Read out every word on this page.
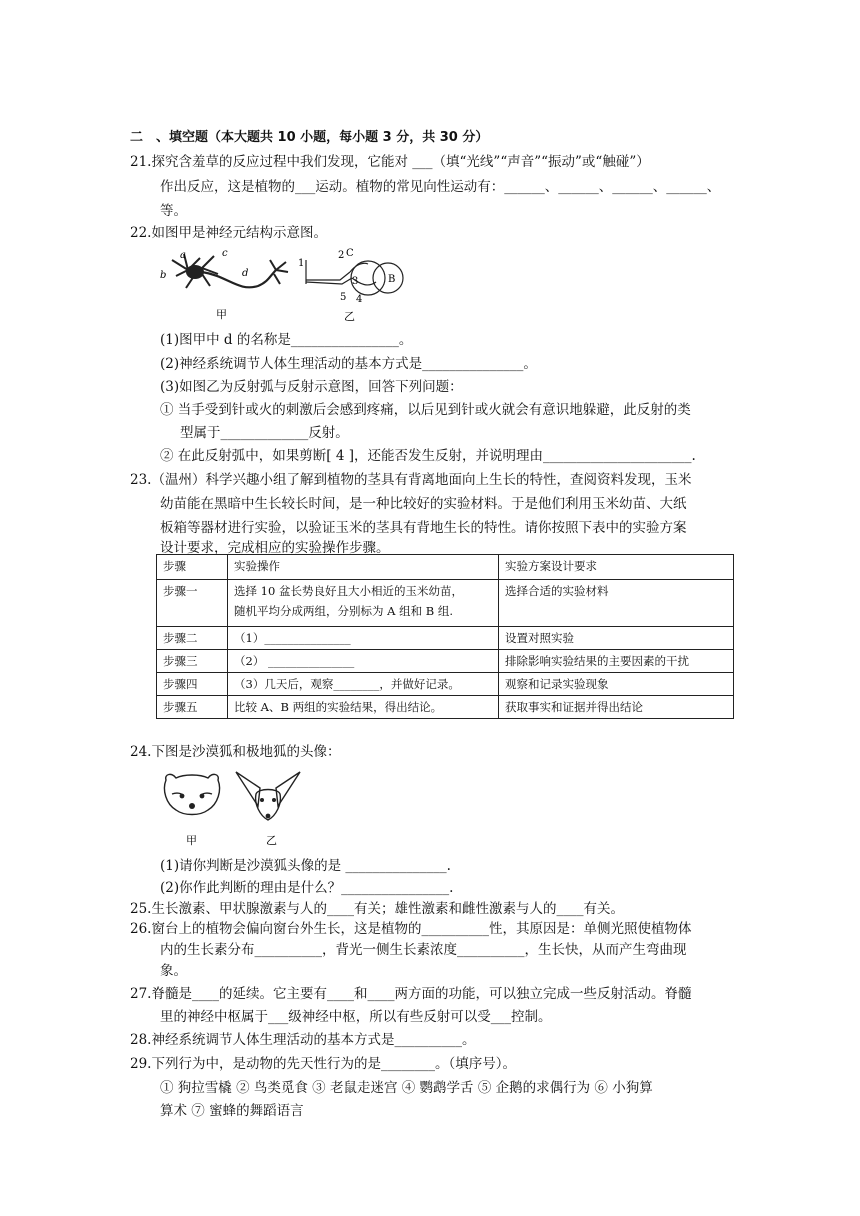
二　、填空题（本大题共 10 小题，每小题 3 分，共 30 分）
21.探究含羞草的反应过程中我们发现，它能对 ___（填“光线”“声音”“振动”或“触碰”）
作出反应，这是植物的___运动。植物的常见向性运动有：______、______、______、______、
等。
22.如图甲是神经元结构示意图。
a
b
c
d
甲
1
2 C
3	B
5 4
乙
(1)图甲中 d 的名称是________________。
(2)神经系统调节人体生理活动的基本方式是_______________。
(3)如图乙为反射弧与反射示意图，回答下列问题：
① 当手受到针或火的刺激后会感到疼痛，以后见到针或火就会有意识地躲避，此反射的类
型属于_____________反射。
② 在此反射弧中，如果剪断[ 4 ]，还能否发生反射，并说明理由______________________.
23.（温州）科学兴趣小组了解到植物的茎具有背离地面向上生长的特性，查阅资料发现，玉米
幼苗能在黑暗中生长较长时间，是一种比较好的实验材料。于是他们利用玉米幼苗、大纸
板箱等器材进行实验，以验证玉米的茎具有背地生长的特性。请你按照下表中的实验方案
设计要求，完成相应的实验操作步骤。
步骤	实验操作	实验方案设计要求
步骤一	选择 10 盆长势良好且大小相近的玉米幼苗，
随机平均分成两组，分别标为 A 组和 B 组.	选择合适的实验材料
步骤二	（1）_______________	设置对照实验
步骤三	（2） _______________	排除影响实验结果的主要因素的干扰
步骤四	（3）几天后，观察________，并做好记录。	观察和记录实验现象
步骤五	比较 A、B 两组的实验结果，得出结论。	获取事实和证据并得出结论
24.下图是沙漠狐和极地狐的头像：
甲	乙
(1)请你判断是沙漠狐头像的是 _______________.
(2)你作此判断的理由是什么？________________.
25.生长激素、甲状腺激素与人的____有关；雄性激素和雌性激素与人的____有关。
26.窗台上的植物会偏向窗台外生长，这是植物的__________性，其原因是：单侧光照使植物体
内的生长素分布__________，背光一侧生长素浓度__________，生长快，从而产生弯曲现
象。
27.脊髓是____的延续。它主要有____和____两方面的功能，可以独立完成一些反射活动。脊髓
里的神经中枢属于___级神经中枢，所以有些反射可以受___控制。
28.神经系统调节人体生理活动的基本方式是__________。
29.下列行为中，是动物的先天性行为的是________。（填序号）。
① 狗拉雪橇 ② 鸟类觅食 ③ 老鼠走迷宫 ④ 鹦鹉学舌 ⑤ 企鹅的求偶行为 ⑥ 小狗算
算术 ⑦ 蜜蜂的舞蹈语言
